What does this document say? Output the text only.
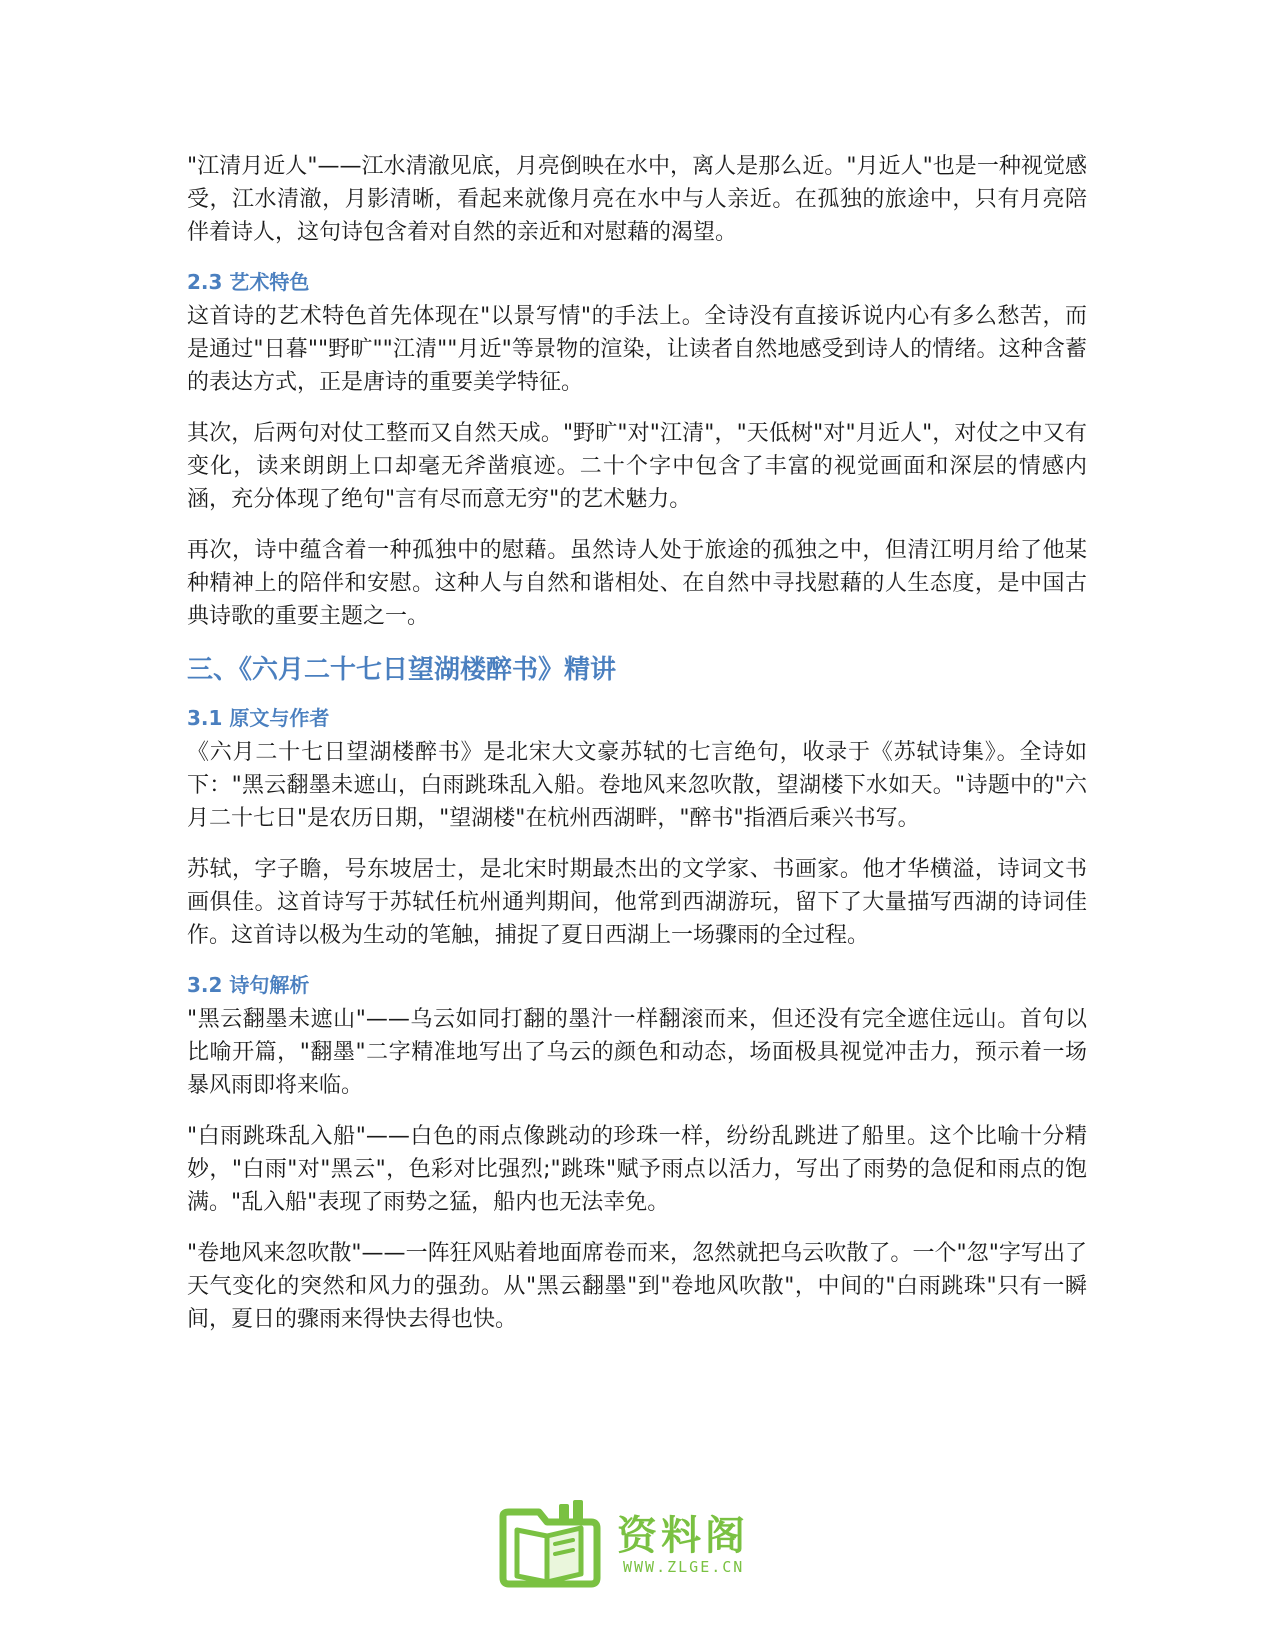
"江清月近人"——江水清澈见底，月亮倒映在水中，离人是那么近。"月近人"也是一种视觉感受，江水清澈，月影清晰，看起来就像月亮在水中与人亲近。在孤独的旅途中，只有月亮陪伴着诗人，这句诗包含着对自然的亲近和对慰藉的渴望。

2.3 艺术特色

这首诗的艺术特色首先体现在"以景写情"的手法上。全诗没有直接诉说内心有多么愁苦，而是通过"日暮""野旷""江清""月近"等景物的渲染，让读者自然地感受到诗人的情绪。这种含蓄的表达方式，正是唐诗的重要美学特征。

其次，后两句对仗工整而又自然天成。"野旷"对"江清"，"天低树"对"月近人"，对仗之中又有变化，读来朗朗上口却毫无斧凿痕迹。二十个字中包含了丰富的视觉画面和深层的情感内涵，充分体现了绝句"言有尽而意无穷"的艺术魅力。

再次，诗中蕴含着一种孤独中的慰藉。虽然诗人处于旅途的孤独之中，但清江明月给了他某种精神上的陪伴和安慰。这种人与自然和谐相处、在自然中寻找慰藉的人生态度，是中国古典诗歌的重要主题之一。

三、《六月二十七日望湖楼醉书》精讲
3.1 原文与作者

《六月二十七日望湖楼醉书》是北宋大文豪苏轼的七言绝句，收录于《苏轼诗集》。全诗如下："黑云翻墨未遮山，白雨跳珠乱入船。卷地风来忽吹散，望湖楼下水如天。"诗题中的"六月二十七日"是农历日期，"望湖楼"在杭州西湖畔，"醉书"指酒后乘兴书写。

苏轼，字子瞻，号东坡居士，是北宋时期最杰出的文学家、书画家。他才华横溢，诗词文书画俱佳。这首诗写于苏轼任杭州通判期间，他常到西湖游玩，留下了大量描写西湖的诗词佳作。这首诗以极为生动的笔触，捕捉了夏日西湖上一场骤雨的全过程。

3.2 诗句解析

"黑云翻墨未遮山"——乌云如同打翻的墨汁一样翻滚而来，但还没有完全遮住远山。首句以比喻开篇，"翻墨"二字精准地写出了乌云的颜色和动态，场面极具视觉冲击力，预示着一场暴风雨即将来临。

"白雨跳珠乱入船"——白色的雨点像跳动的珍珠一样，纷纷乱跳进了船里。这个比喻十分精妙，"白雨"对"黑云"，色彩对比强烈;"跳珠"赋予雨点以活力，写出了雨势的急促和雨点的饱满。"乱入船"表现了雨势之猛，船内也无法幸免。

"卷地风来忽吹散"——一阵狂风贴着地面席卷而来，忽然就把乌云吹散了。一个"忽"字写出了天气变化的突然和风力的强劲。从"黑云翻墨"到"卷地风吹散"，中间的"白雨跳珠"只有一瞬间，夏日的骤雨来得快去得也快。

资料阁
WWW.ZLGE.CN
